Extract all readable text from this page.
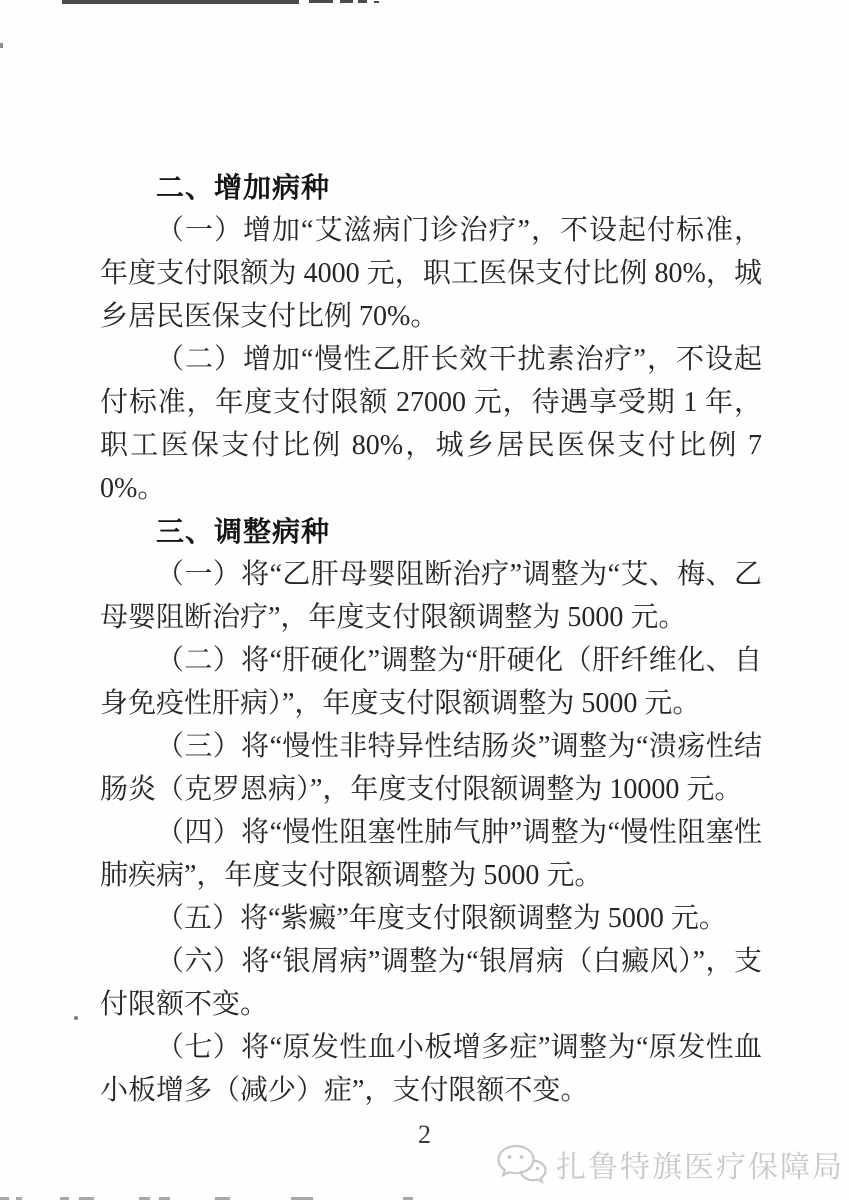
二、增加病种

（一）增加“艾滋病门诊治疗”，不设起付标准，年度支付限额为 4000 元，职工医保支付比例 80%，城乡居民医保支付比例 70%。

（二）增加“慢性乙肝长效干扰素治疗”，不设起付标准，年度支付限额 27000 元，待遇享受期 1 年，职工医保支付比例 80%，城乡居民医保支付比例 70%。

三、调整病种

（一）将“乙肝母婴阻断治疗”调整为“艾、梅、乙母婴阻断治疗”，年度支付限额调整为 5000 元。

（二）将“肝硬化”调整为“肝硬化（肝纤维化、自身免疫性肝病）”，年度支付限额调整为 5000 元。

（三）将“慢性非特异性结肠炎”调整为“溃疡性结肠炎（克罗恩病）”，年度支付限额调整为 10000 元。

（四）将“慢性阻塞性肺气肿”调整为“慢性阻塞性肺疾病”，年度支付限额调整为 5000 元。

（五）将“紫癜”年度支付限额调整为 5000 元。

（六）将“银屑病”调整为“银屑病（白癜风）”，支付限额不变。

（七）将“原发性血小板增多症”调整为“原发性血小板增多（减少）症”，支付限额不变。

2
扎鲁特旗医疗保障局
